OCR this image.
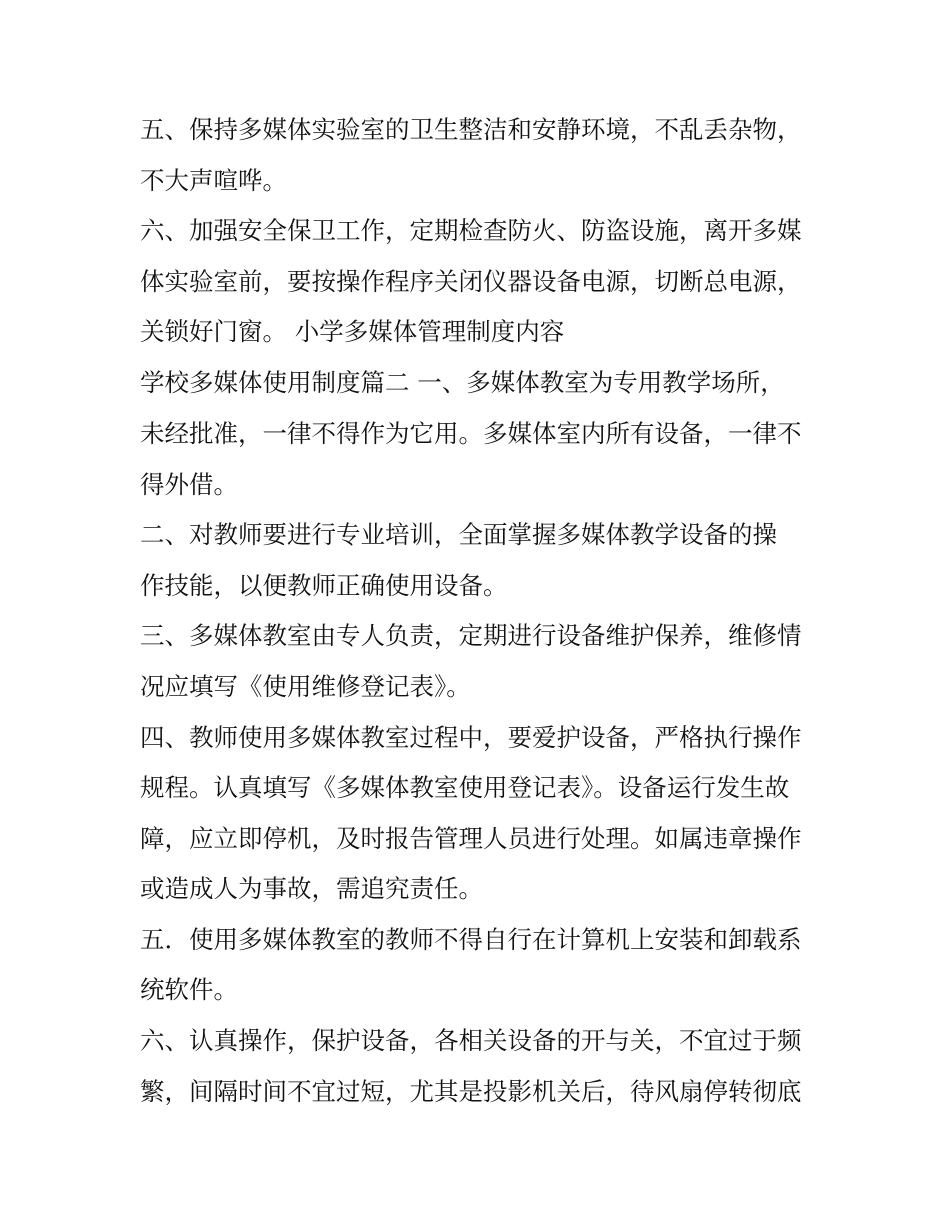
五、保持多媒体实验室的卫生整洁和安静环境，不乱丢杂物，
不大声喧哗。
六、加强安全保卫工作，定期检查防火、防盗设施，离开多媒
体实验室前，要按操作程序关闭仪器设备电源，切断总电源，
关锁好门窗。 小学多媒体管理制度内容
学校多媒体使用制度篇二 一、多媒体教室为专用教学场所，
未经批准，一律不得作为它用。多媒体室内所有设备，一律不
得外借。
二、对教师要进行专业培训，全面掌握多媒体教学设备的操
作技能，以便教师正确使用设备。
三、多媒体教室由专人负责，定期进行设备维护保养，维修情
况应填写《使用维修登记表》。
四、教师使用多媒体教室过程中，要爱护设备，严格执行操作
规程。认真填写《多媒体教室使用登记表》。设备运行发生故
障，应立即停机，及时报告管理人员进行处理。如属违章操作
或造成人为事故，需追究责任。
五．使用多媒体教室的教师不得自行在计算机上安装和卸载系
统软件。
六、认真操作，保护设备，各相关设备的开与关，不宜过于频
繁，间隔时间不宜过短，尤其是投影机关后，待风扇停转彻底
